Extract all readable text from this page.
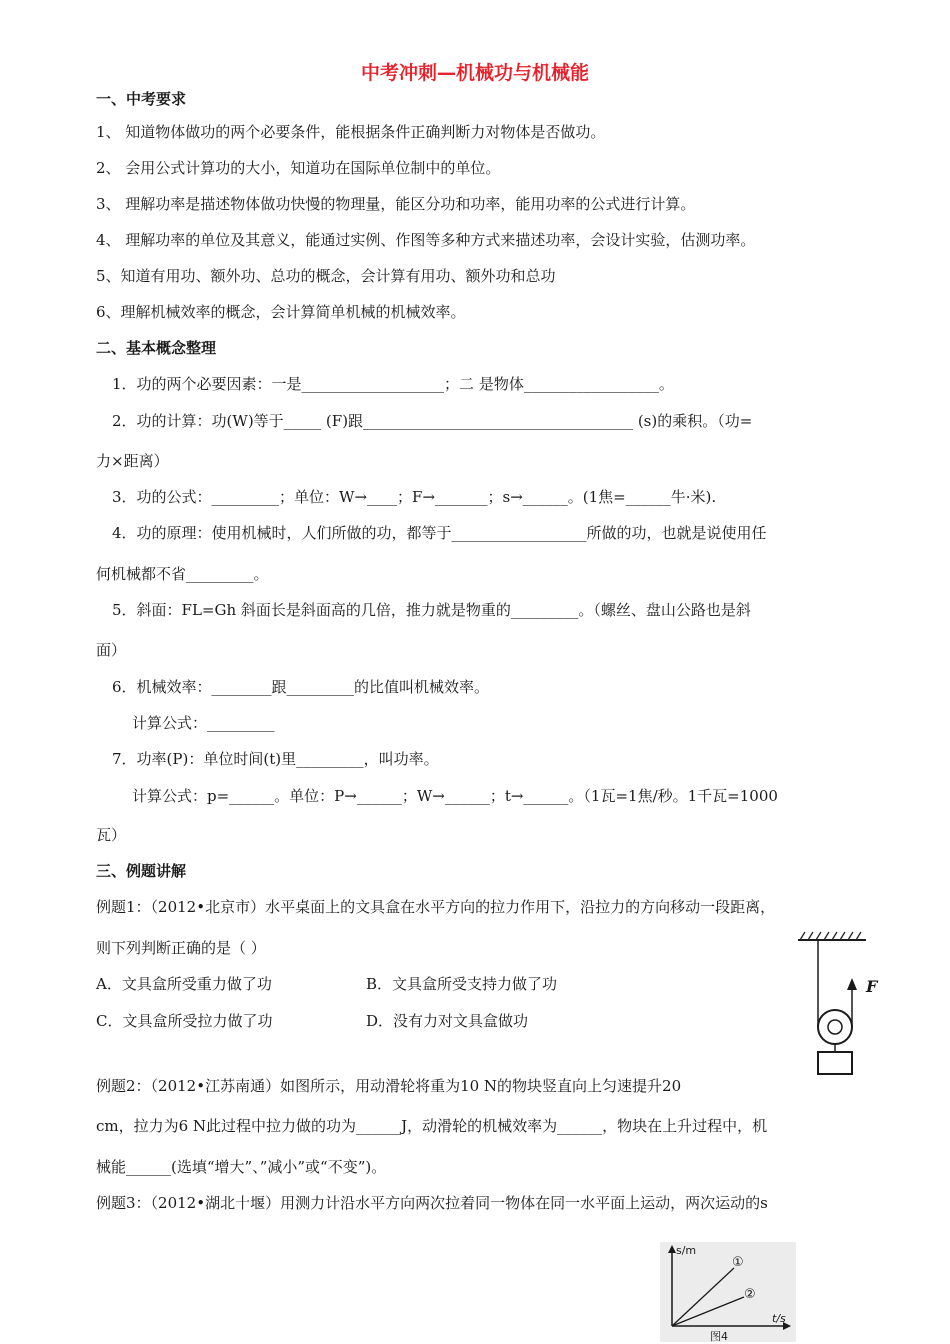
中考冲刺—机械功与机械能
一、中考要求
1、 知道物体做功的两个必要条件，能根据条件正确判断力对物体是否做功。
2、 会用公式计算功的大小，知道功在国际单位制中的单位。
3、 理解功率是描述物体做功快慢的物理量，能区分功和功率，能用功率的公式进行计算。
4、 理解功率的单位及其意义，能通过实例、作图等多种方式来描述功率，会设计实验，估测功率。
5、知道有用功、额外功、总功的概念，会计算有用功、额外功和总功
6、理解机械效率的概念，会计算简单机械的机械效率。
二、基本概念整理
1．功的两个必要因素：一是___________________；二 是物体__________________。
2．功的计算：功(W)等于_____ (F)跟____________________________________ (s)的乘积。（功=
力×距离）
3．功的公式：_________；单位：W→____；F→_______；s→______。(1焦=______牛·米).
4．功的原理：使用机械时，人们所做的功，都等于__________________所做的功，也就是说使用任
何机械都不省_________。
5．斜面：FL=Gh 斜面长是斜面高的几倍，推力就是物重的_________。（螺丝、盘山公路也是斜
面）
6．机械效率：________跟_________的比值叫机械效率。
计算公式：_________
7．功率(P)：单位时间(t)里_________，叫功率。
计算公式：p=______。单位：P→______；W→______；t→______。（1瓦=1焦/秒。1千瓦=1000
瓦）
三、例题讲解
例题1：（2012•北京市）水平桌面上的文具盒在水平方向的拉力作用下，沿拉力的方向移动一段距离，
则下列判断正确的是（ ）
A．文具盒所受重力做了功	B．文具盒所受支持力做了功
C．文具盒所受拉力做了功	D．没有力对文具盒做功
例题2：（2012•江苏南通）如图所示，用动滑轮将重为10 N的物块竖直向上匀速提升20
cm，拉力为6 N此过程中拉力做的功为______J，动滑轮的机械效率为______，物块在上升过程中，机
械能______(选填“增大”、”减小”或“不变”)。
例题3：（2012•湖北十堰）用测力计沿水平方向两次拉着同一物体在同一水平面上运动，两次运动的s
F
s/m
t/s
①
②
图4
